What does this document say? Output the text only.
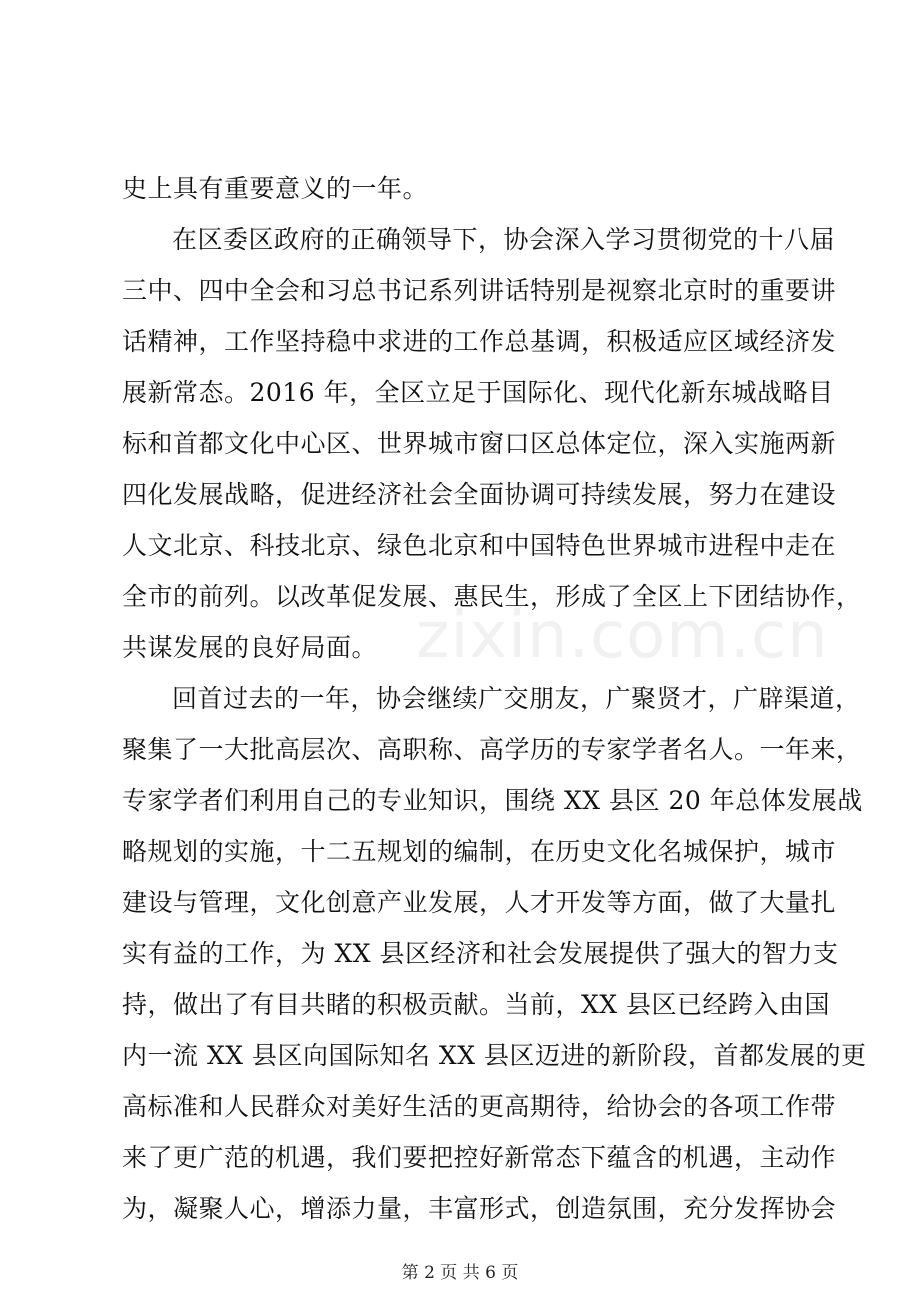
zixin.com.cn
史上具有重要意义的一年。
在区委区政府的正确领导下，协会深入学习贯彻党的十八届
三中、四中全会和习总书记系列讲话特别是视察北京时的重要讲
话精神，工作坚持稳中求进的工作总基调，积极适应区域经济发
展新常态。2016 年，全区立足于国际化、现代化新东城战略目
标和首都文化中心区、世界城市窗口区总体定位，深入实施两新
四化发展战略，促进经济社会全面协调可持续发展，努力在建设
人文北京、科技北京、绿色北京和中国特色世界城市进程中走在
全市的前列。以改革促发展、惠民生，形成了全区上下团结协作，
共谋发展的良好局面。
回首过去的一年，协会继续广交朋友，广聚贤才，广辟渠道，
聚集了一大批高层次、高职称、高学历的专家学者名人。一年来，
专家学者们利用自己的专业知识，围绕 XX 县区 20 年总体发展战
略规划的实施，十二五规划的编制，在历史文化名城保护，城市
建设与管理，文化创意产业发展，人才开发等方面，做了大量扎
实有益的工作，为 XX 县区经济和社会发展提供了强大的智力支
持，做出了有目共睹的积极贡献。当前，XX 县区已经跨入由国
内一流 XX 县区向国际知名 XX 县区迈进的新阶段，首都发展的更
高标准和人民群众对美好生活的更高期待，给协会的各项工作带
来了更广范的机遇，我们要把控好新常态下蕴含的机遇，主动作
为，凝聚人心，增添力量，丰富形式，创造氛围，充分发挥协会
第 2 页 共 6 页
